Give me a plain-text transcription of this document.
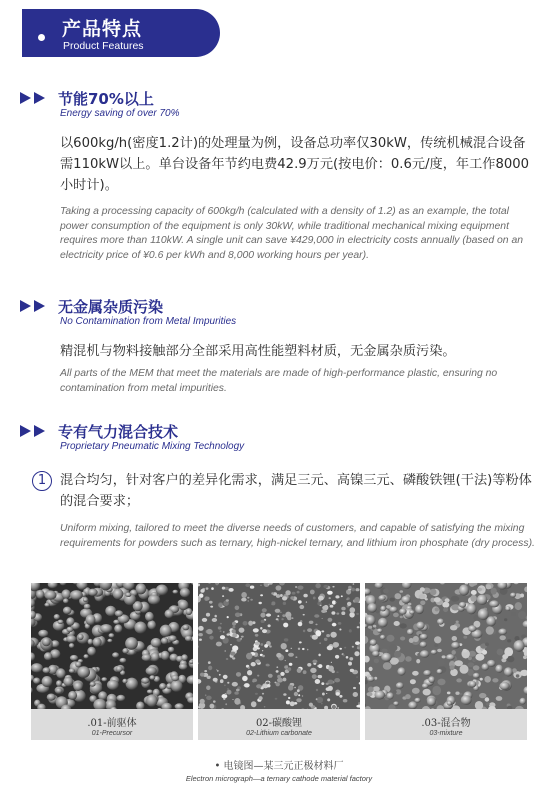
产品特点
Product Features
节能70%以上
Energy saving of over 70%
以600kg/h(密度1.2计)的处理量为例，设备总功率仅30kW，传统机械混合设备需110kW以上。单台设备年节约电费42.9万元(按电价：0.6元/度，年工作8000小时计)。
Taking a processing capacity of 600kg/h (calculated with a density of 1.2) as an example, the total power consumption of the equipment is only 30kW, while traditional mechanical mixing equipment requires more than 110kW. A single unit can save ¥429,000 in electricity costs annually (based on an electricity price of ¥0.6 per kWh and 8,000 working hours per year).
无金属杂质污染
No Contamination from Metal Impurities
精混机与物料接触部分全部采用高性能塑料材质，无金属杂质污染。
All parts of the MEM that meet the materials are made of high-performance plastic, ensuring no contamination from metal impurities.
专有气力混合技术
Proprietary Pneumatic Mixing Technology
1	混合均匀，针对客户的差异化需求，满足三元、高镍三元、磷酸铁锂(干法)等粉体的混合要求；
Uniform mixing, tailored to meet the diverse needs of customers, and capable of satisfying the mixing requirements for powders such as ternary, high-nickel ternary, and lithium iron phosphate (dry process).
.01-前驱体
01-Precursor
02-碳酸锂
02-Lithium carbonate
.03-混合物
03-mixture
• 电镜图—某三元正极材料厂
Electron micrograph—a ternary cathode material factory
